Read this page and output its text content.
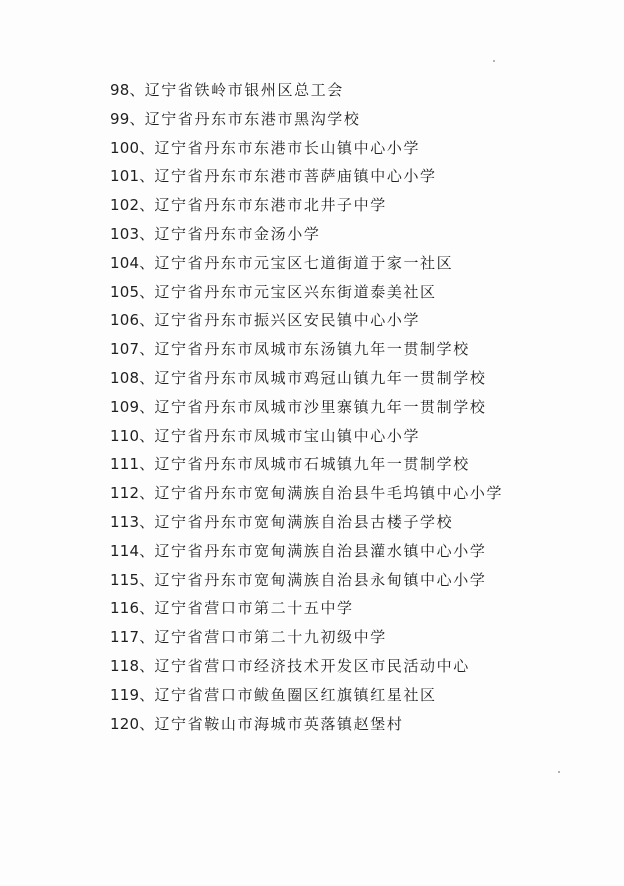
98、辽宁省铁岭市银州区总工会
99、辽宁省丹东市东港市黑沟学校
100、辽宁省丹东市东港市长山镇中心小学
101、辽宁省丹东市东港市菩萨庙镇中心小学
102、辽宁省丹东市东港市北井子中学
103、辽宁省丹东市金汤小学
104、辽宁省丹东市元宝区七道街道于家一社区
105、辽宁省丹东市元宝区兴东街道泰美社区
106、辽宁省丹东市振兴区安民镇中心小学
107、辽宁省丹东市凤城市东汤镇九年一贯制学校
108、辽宁省丹东市凤城市鸡冠山镇九年一贯制学校
109、辽宁省丹东市凤城市沙里寨镇九年一贯制学校
110、辽宁省丹东市凤城市宝山镇中心小学
111、辽宁省丹东市凤城市石城镇九年一贯制学校
112、辽宁省丹东市宽甸满族自治县牛毛坞镇中心小学
113、辽宁省丹东市宽甸满族自治县古楼子学校
114、辽宁省丹东市宽甸满族自治县灌水镇中心小学
115、辽宁省丹东市宽甸满族自治县永甸镇中心小学
116、辽宁省营口市第二十五中学
117、辽宁省营口市第二十九初级中学
118、辽宁省营口市经济技术开发区市民活动中心
119、辽宁省营口市鲅鱼圈区红旗镇红星社区
120、辽宁省鞍山市海城市英落镇赵堡村
